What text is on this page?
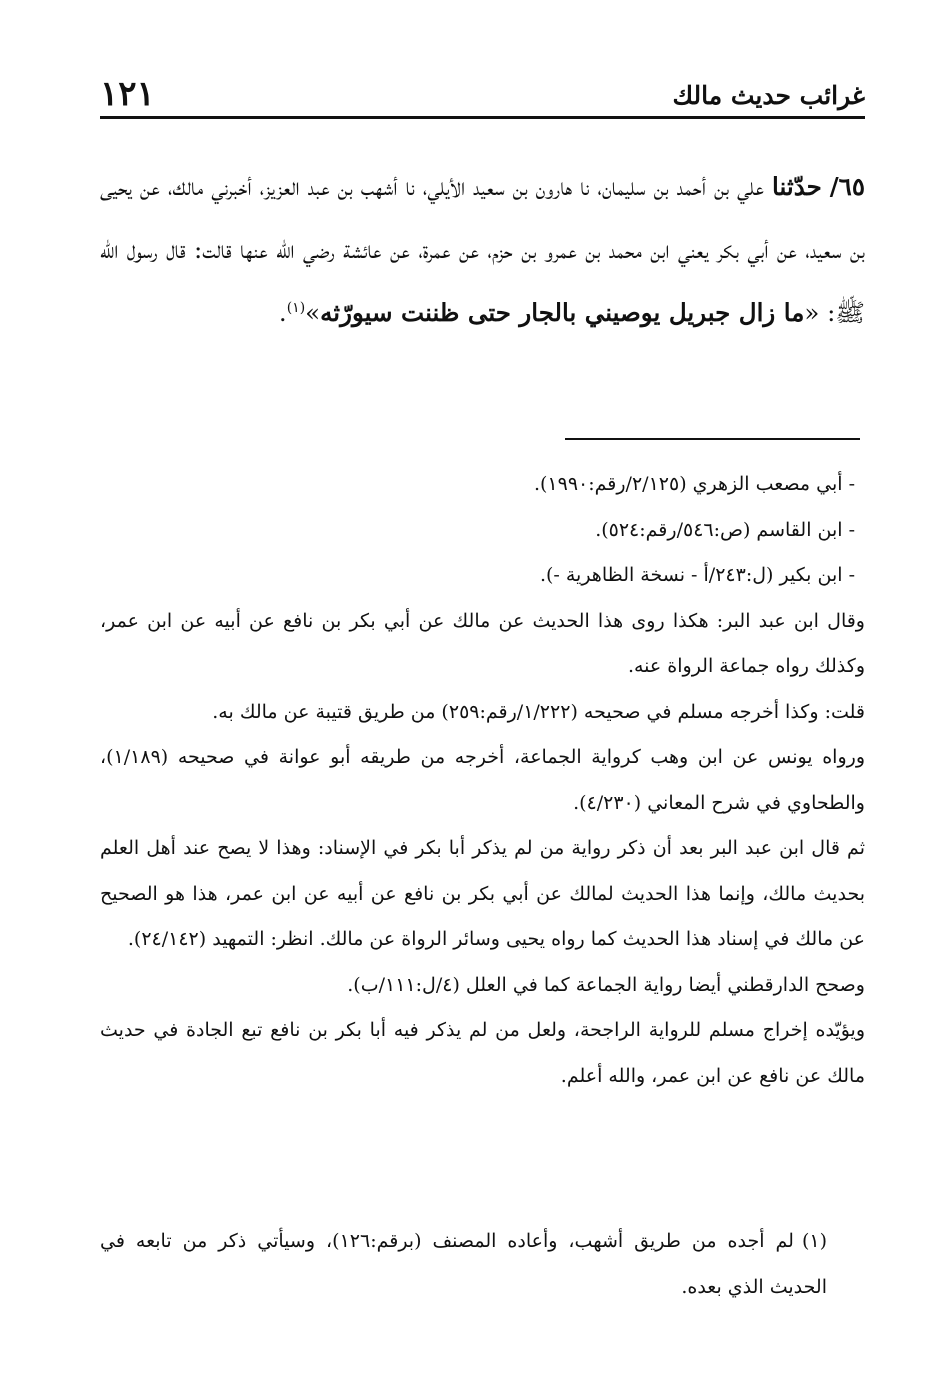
غرائب حديث مالك
١٢١
٦٥/ حدّثنا علي بن أحمد بن سليمان، نا هارون بن سعيد الأيلي، نا أشهب بن عبد العزيز، أخبرني مالك، عن يحيى بن سعيد، عن أبي بكر يعني ابن محمد بن عمرو بن حزم، عن عمرة، عن عائشة رضي الله عنها قالت: قال رسول الله ﷺ: «ما زال جبريل يوصيني بالجار حتى ظننت سيورّثه»$^{(١)}$.

- أبي مصعب الزهري (٢/١٢٥/رقم:١٩٩٠).

- ابن القاسم (ص:٥٤٦/رقم:٥٢٤).

- ابن بكير (ل:٢٤٣/أ - نسخة الظاهرية -).

وقال ابن عبد البر: هكذا روى هذا الحديث عن مالك عن أبي بكر بن نافع عن أبيه عن ابن عمر، وكذلك رواه جماعة الرواة عنه.

قلت: وكذا أخرجه مسلم في صحيحه (١/٢٢٢/رقم:٢٥٩) من طريق قتيبة عن مالك به.

ورواه يونس عن ابن وهب كرواية الجماعة، أخرجه من طريقه أبو عوانة في صحيحه (١/١٨٩)، والطحاوي في شرح المعاني (٤/٢٣٠).

ثم قال ابن عبد البر بعد أن ذكر رواية من لم يذكر أبا بكر في الإسناد: وهذا لا يصح عند أهل العلم بحديث مالك، وإنما هذا الحديث لمالك عن أبي بكر بن نافع عن أبيه عن ابن عمر، هذا هو الصحيح عن مالك في إسناد هذا الحديث كما رواه يحيى وسائر الرواة عن مالك. انظر: التمهيد (٢٤/١٤٢).

وصحح الدارقطني أيضا رواية الجماعة كما في العلل (٤/ل:١١١/ب).

ويؤيّده إخراج مسلم للرواية الراجحة، ولعل من لم يذكر فيه أبا بكر بن نافع تبع الجادة في حديث مالك عن نافع عن ابن عمر، والله أعلم.

(١)لم أجده من طريق أشهب، وأعاده المصنف (برقم:١٢٦)، وسيأتي ذكر من تابعه في الحديث الذي بعده.
